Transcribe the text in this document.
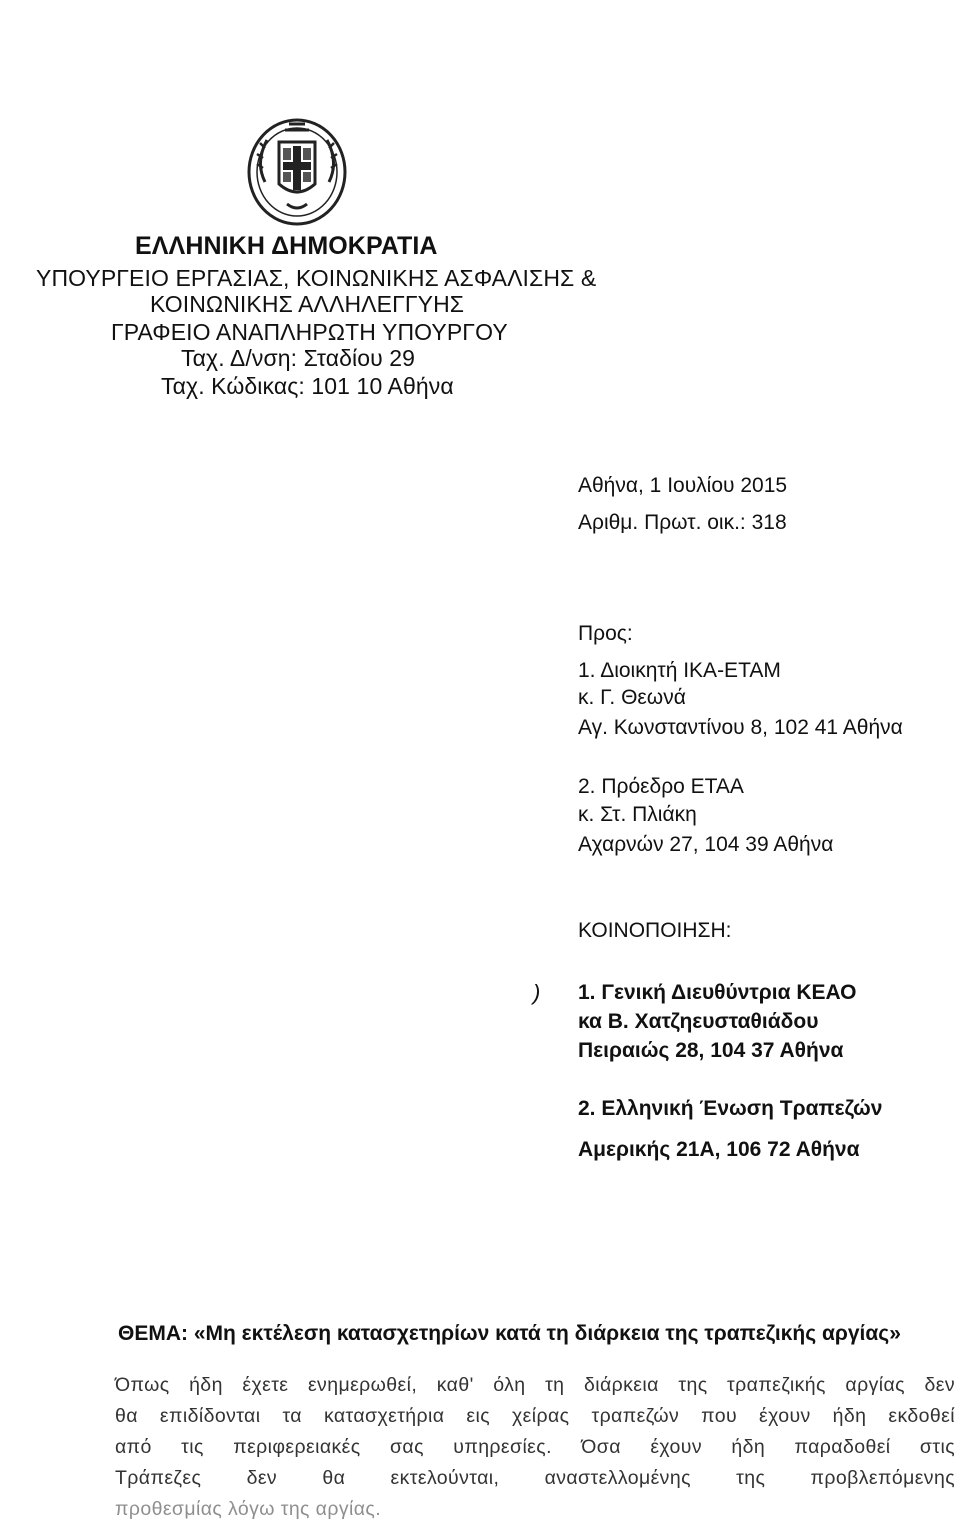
ΕΛΛΗΝΙΚΗ ΔΗΜΟΚΡΑΤΙΑ
ΥΠΟΥΡΓΕΙΟ ΕΡΓΑΣΙΑΣ, ΚΟΙΝΩΝΙΚΗΣ ΑΣΦΑΛΙΣΗΣ &
ΚΟΙΝΩΝΙΚΗΣ ΑΛΛΗΛΕΓΓΥΗΣ
ΓΡΑΦΕΙΟ ΑΝΑΠΛΗΡΩΤΗ ΥΠΟΥΡΓΟΥ
Ταχ. Δ/νση: Σταδίου 29
Ταχ. Κώδικας: 101 10 Αθήνα
Αθήνα, 1 Ιουλίου 2015
Αριθμ. Πρωτ. οικ.: 318
Προς:
1. Διοικητή ΙΚΑ-ΕΤΑΜ
κ. Γ. Θεωνά
Αγ. Κωνσταντίνου 8, 102 41 Αθήνα
2. Πρόεδρο ΕΤΑΑ
κ. Στ. Πλιάκη
Αχαρνών 27, 104 39 Αθήνα
ΚΟΙΝΟΠΟΙΗΣΗ:
) 1. Γενική Διευθύντρια ΚΕΑΟ
κα Β. Χατζηευσταθιάδου
Πειραιώς 28, 104 37 Αθήνα
2. Ελληνική Ένωση Τραπεζών
Αμερικής 21Α, 106 72 Αθήνα
ΘΕΜΑ: «Μη εκτέλεση κατασχετηρίων κατά τη διάρκεια της τραπεζικής αργίας»
Όπως ήδη έχετε ενημερωθεί, καθ' όλη τη διάρκεια της τραπεζικής αργίας δεν
θα επιδίδονται τα κατασχετήρια εις χείρας τραπεζών που έχουν ήδη εκδοθεί
από τις περιφερειακές σας υπηρεσίες. Όσα έχουν ήδη παραδοθεί στις
Τράπεζες δεν θα εκτελούνται, αναστελλομένης της προβλεπόμενης
προθεσμίας λόγω της αργίας.
